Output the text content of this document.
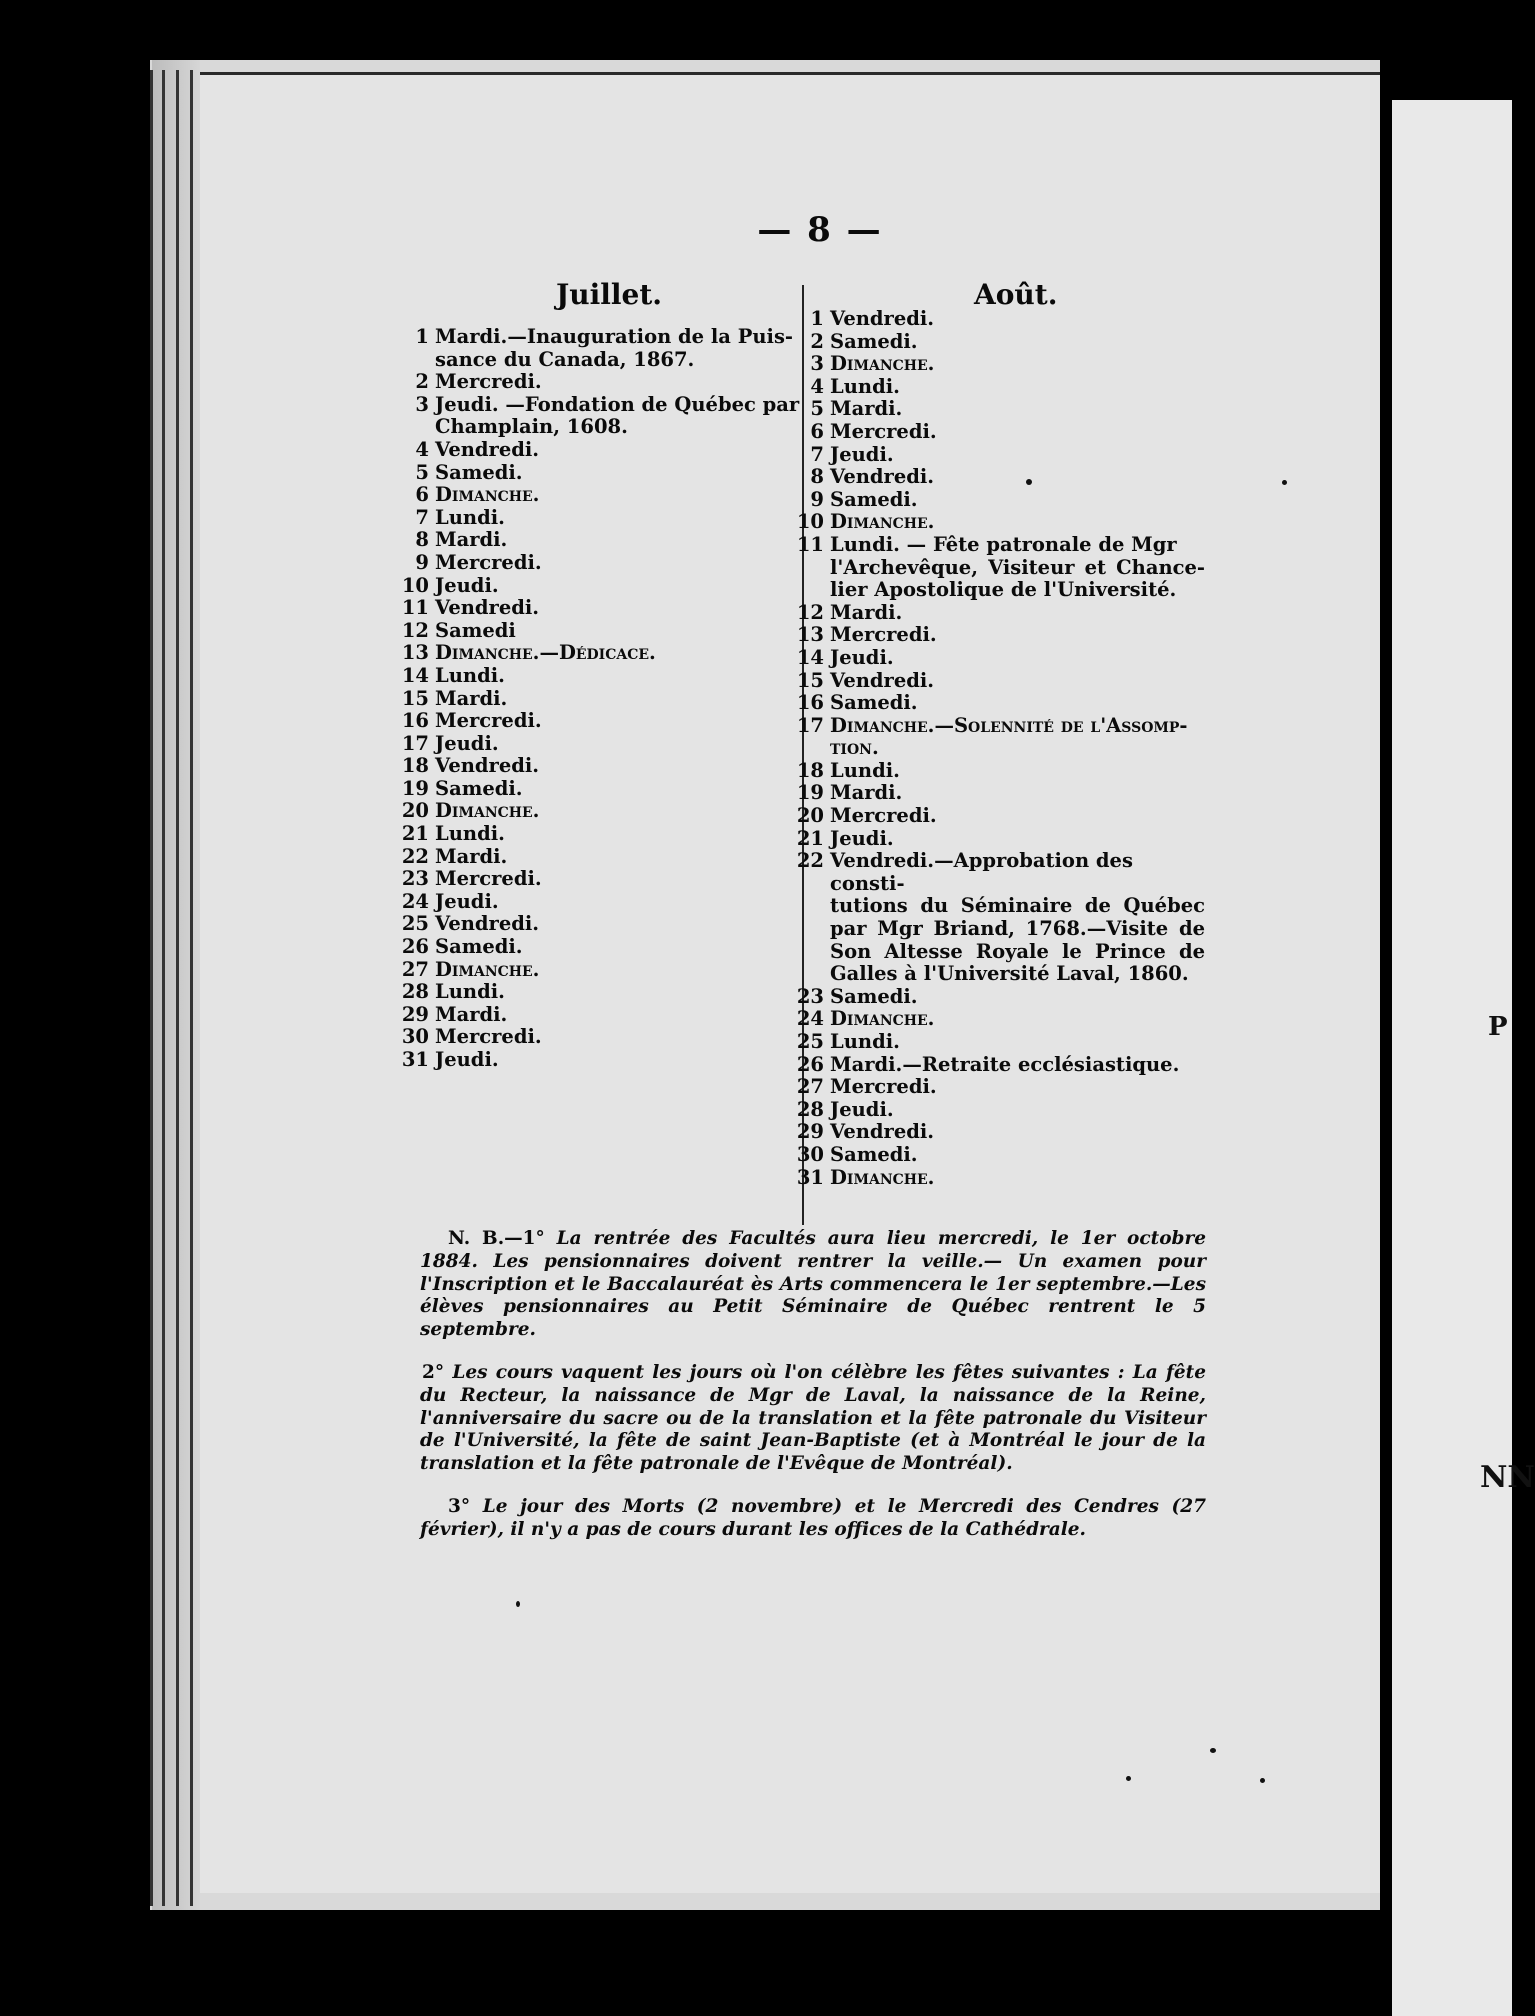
P
NN
— 8 —
Juillet.	Août.
1 Mardi.—Inauguration de la Puis-
sance du Canada, 1867.
2 Mercredi.
3 Jeudi. —Fondation de Québec par
Champlain, 1608.
4 Vendredi.
5 Samedi.
6 Dimanche.
7 Lundi.
8 Mardi.
9 Mercredi.
10 Jeudi.
11 Vendredi.
12 Samedi
13 Dimanche.—Dédicace.
14 Lundi.
15 Mardi.
16 Mercredi.
17 Jeudi.
18 Vendredi.
19 Samedi.
20 Dimanche.
21 Lundi.
22 Mardi.
23 Mercredi.
24 Jeudi.
25 Vendredi.
26 Samedi.
27 Dimanche.
28 Lundi.
29 Mardi.
30 Mercredi.
31 Jeudi.
1 Vendredi.
2 Samedi.
3 Dimanche.
4 Lundi.
5 Mardi.
6 Mercredi.
7 Jeudi.
8 Vendredi.
9 Samedi.
10 Dimanche.
11 Lundi. — Fête patronale de Mgr
l'Archevêque, Visiteur et Chance- lier Apostolique de l'Université.
12 Mardi.
13 Mercredi.
14 Jeudi.
15 Vendredi.
16 Samedi.
17 Dimanche.—Solennité de l'Assomp-
tion.
18 Lundi.
19 Mardi.
20 Mercredi.
21 Jeudi.
22 Vendredi.—Approbation des consti-
tutions du Séminaire de Québec par Mgr Briand, 1768.—Visite de Son Altesse Royale le Prince de Galles à l'Université Laval, 1860.
23 Samedi.
24 Dimanche.
25 Lundi.
26 Mardi.—Retraite ecclésiastique.
27 Mercredi.
28 Jeudi.
29 Vendredi.
30 Samedi.
31 Dimanche.

N. B.—1° La rentrée des Facultés aura lieu mercredi, le 1er octobre 1884. Les pensionnaires doivent rentrer la veille.— Un examen pour l'Inscription et le Baccalauréat ès Arts commencera le 1er septembre.—Les élèves pensionnaires au Petit Séminaire de Québec rentrent le 5 septembre.

2° Les cours vaquent les jours où l'on célèbre les fêtes suivantes : La fête du Recteur, la naissance de Mgr de Laval, la naissance de la Reine, l'anniversaire du sacre ou de la translation et la fête patronale du Visiteur de l'Université, la fête de saint Jean-Baptiste (et à Montréal le jour de la translation et la fête patronale de l'Evêque de Montréal).

3° Le jour des Morts (2 novembre) et le Mercredi des Cendres (27 février), il n'y a pas de cours durant les offices de la Cathédrale.
